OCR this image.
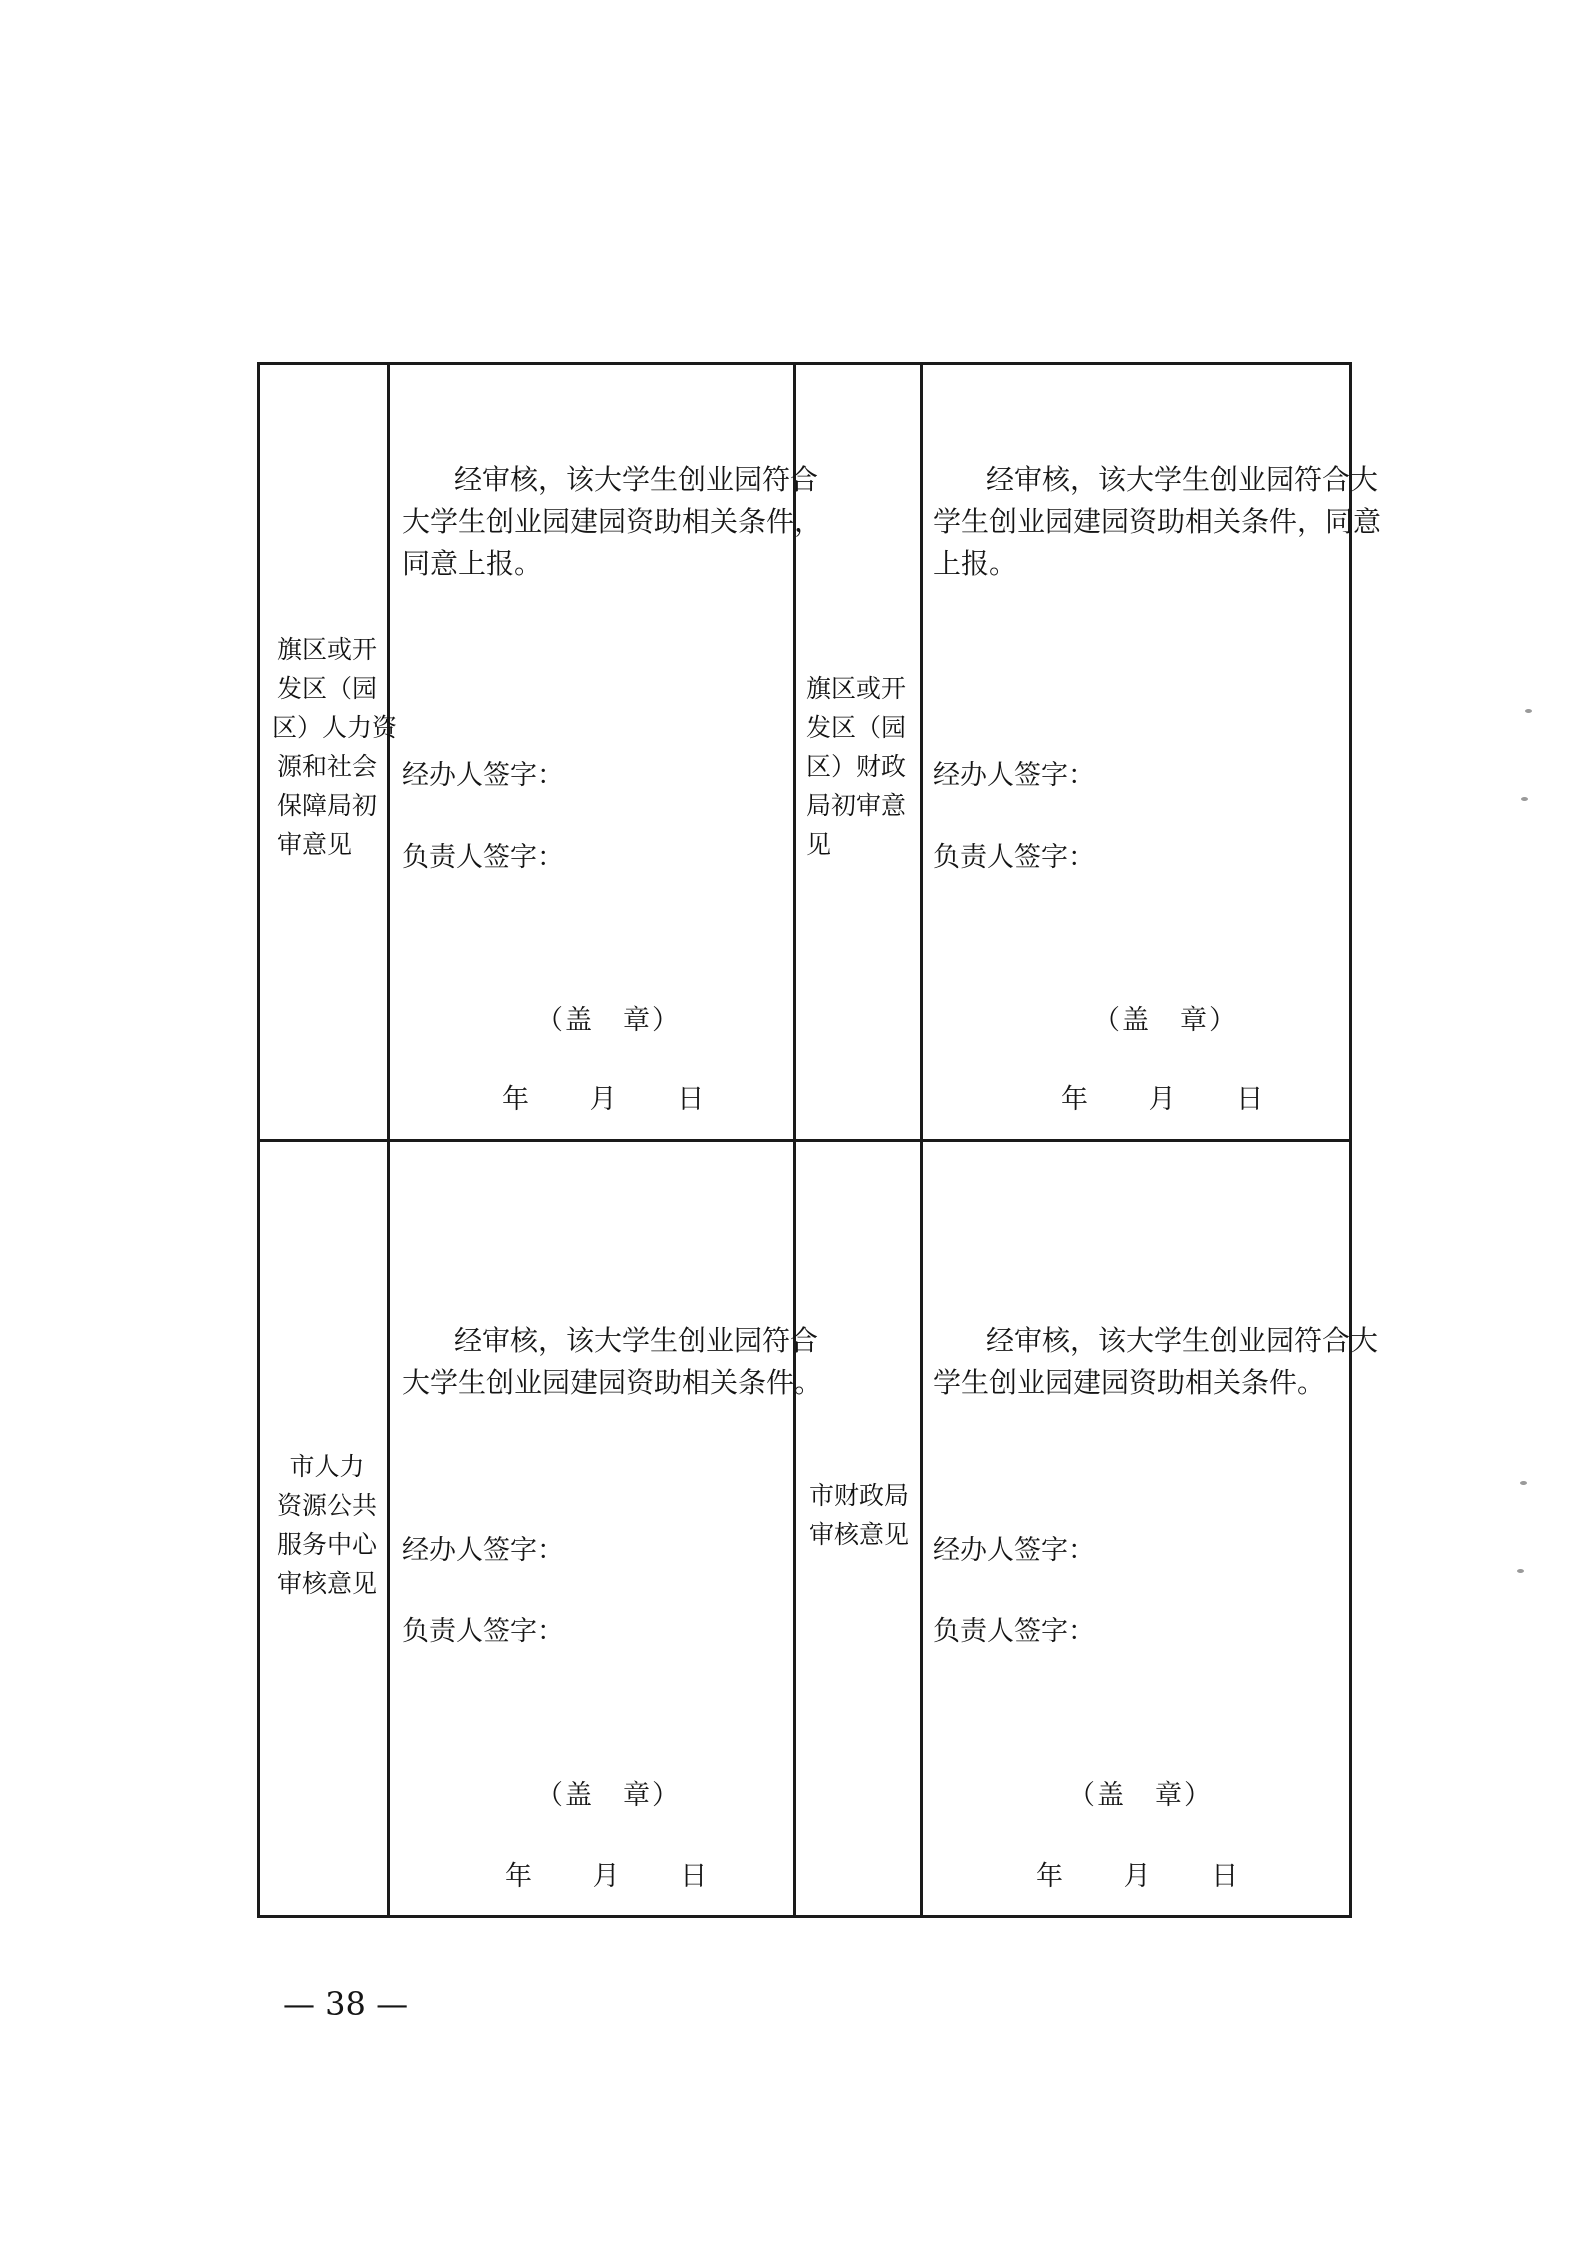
旗区或开
发区（园
区）人力资
源和社会
保障局初
审意见
经审核，该大学生创业园符合
大学生创业园建园资助相关条件，
同意上报。
经办人签字：
负责人签字：
（盖　章）
年 月 日
旗区或开
发区（园
区）财政
局初审意
见
经审核，该大学生创业园符合大
学生创业园建园资助相关条件，同意
上报。
经办人签字：
负责人签字：
（盖　章）
年 月 日
市人力
资源公共
服务中心
审核意见
经审核，该大学生创业园符合
大学生创业园建园资助相关条件。
经办人签字：
负责人签字：
（盖　章）
年 月 日
市财政局
审核意见
经审核，该大学生创业园符合大
学生创业园建园资助相关条件。
经办人签字：
负责人签字：
（盖　章）
年 月 日
— 38 —
